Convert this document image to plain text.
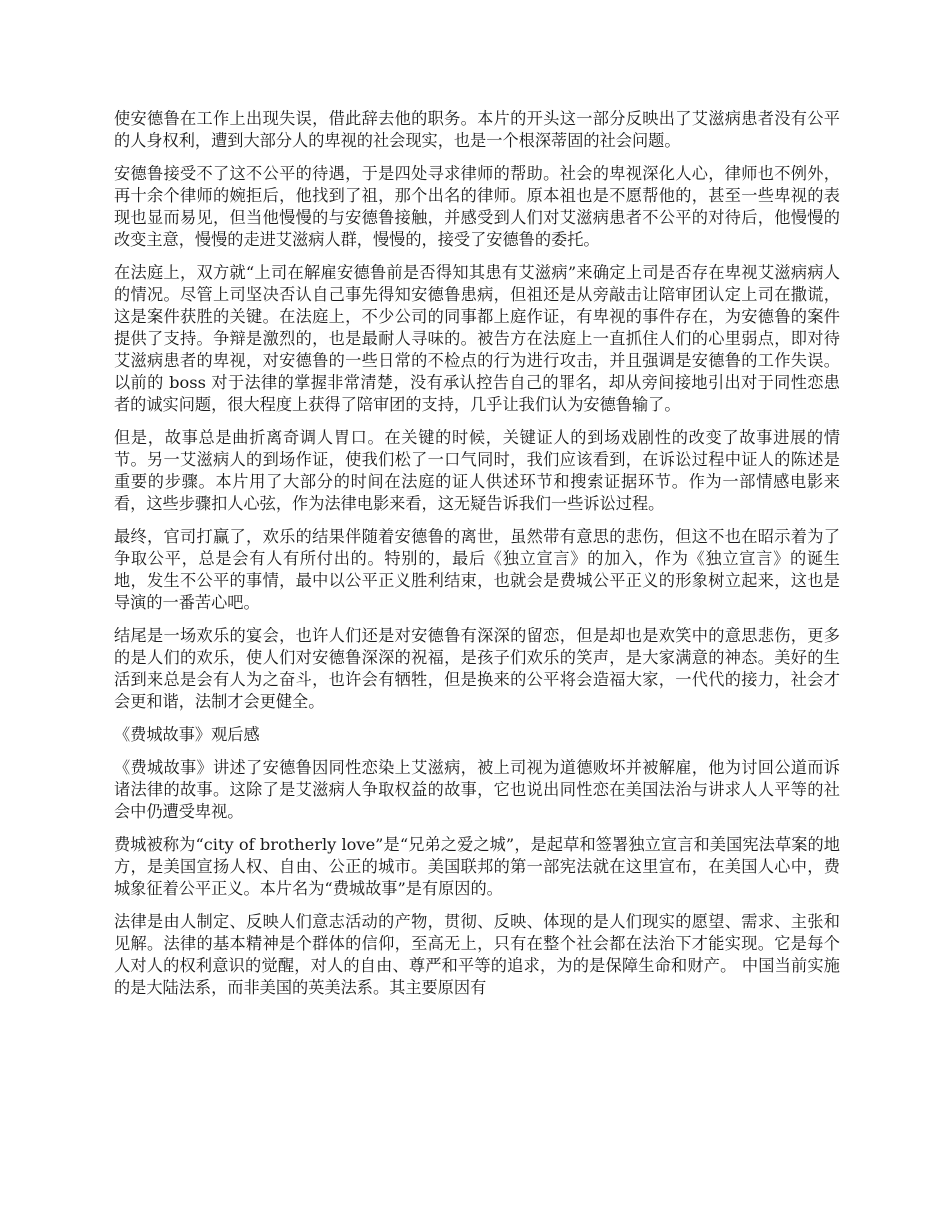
使安德鲁在工作上出现失误，借此辞去他的职务。本片的开头这一部分反映出了艾滋病患者没有公平的人身权利，遭到大部分人的卑视的社会现实，也是一个根深蒂固的社会问题。

安德鲁接受不了这不公平的待遇，于是四处寻求律师的帮助。社会的卑视深化人心，律师也不例外，再十余个律师的婉拒后，他找到了祖，那个出名的律师。原本祖也是不愿帮他的，甚至一些卑视的表现也显而易见，但当他慢慢的与安德鲁接触，并感受到人们对艾滋病患者不公平的对待后，他慢慢的改变主意，慢慢的走进艾滋病人群，慢慢的，接受了安德鲁的委托。

在法庭上，双方就“上司在解雇安德鲁前是否得知其患有艾滋病”来确定上司是否存在卑视艾滋病病人的情况。尽管上司坚决否认自己事先得知安德鲁患病，但祖还是从旁敲击让陪审团认定上司在撒谎，这是案件获胜的关键。在法庭上，不少公司的同事都上庭作证，有卑视的事件存在，为安德鲁的案件提供了支持。争辩是激烈的，也是最耐人寻味的。被告方在法庭上一直抓住人们的心里弱点，即对待艾滋病患者的卑视，对安德鲁的一些日常的不检点的行为进行攻击，并且强调是安德鲁的工作失误。以前的 boss 对于法律的掌握非常清楚，没有承认控告自己的罪名，却从旁间接地引出对于同性恋患者的诚实问题，很大程度上获得了陪审团的支持，几乎让我们认为安德鲁输了。

但是，故事总是曲折离奇调人胃口。在关键的时候，关键证人的到场戏剧性的改变了故事进展的情节。另一艾滋病人的到场作证，使我们松了一口气同时，我们应该看到，在诉讼过程中证人的陈述是重要的步骤。本片用了大部分的时间在法庭的证人供述环节和搜索证据环节。作为一部情感电影来看，这些步骤扣人心弦，作为法律电影来看，这无疑告诉我们一些诉讼过程。

最终，官司打赢了，欢乐的结果伴随着安德鲁的离世，虽然带有意思的悲伤，但这不也在昭示着为了争取公平，总是会有人有所付出的。特别的，最后《独立宣言》的加入，作为《独立宣言》的诞生地，发生不公平的事情，最中以公平正义胜利结束，也就会是费城公平正义的形象树立起来，这也是导演的一番苦心吧。

结尾是一场欢乐的宴会，也许人们还是对安德鲁有深深的留恋，但是却也是欢笑中的意思悲伤，更多的是人们的欢乐，使人们对安德鲁深深的祝福，是孩子们欢乐的笑声，是大家满意的神态。美好的生活到来总是会有人为之奋斗，也许会有牺牲，但是换来的公平将会造福大家，一代代的接力，社会才会更和谐，法制才会更健全。

《费城故事》观后感

《费城故事》讲述了安德鲁因同性恋染上艾滋病，被上司视为道德败坏并被解雇，他为讨回公道而诉诸法律的故事。这除了是艾滋病人争取权益的故事，它也说出同性恋在美国法治与讲求人人平等的社会中仍遭受卑视。

费城被称为“city of brotherly love”是“兄弟之爱之城”，是起草和签署独立宣言和美国宪法草案的地方，是美国宣扬人权、自由、公正的城市。美国联邦的第一部宪法就在这里宣布，在美国人心中，费城象征着公平正义。本片名为“费城故事”是有原因的。

法律是由人制定、反映人们意志活动的产物，贯彻、反映、体现的是人们现实的愿望、需求、主张和见解。法律的基本精神是个群体的信仰，至高无上，只有在整个社会都在法治下才能实现。它是每个人对人的权利意识的觉醒，对人的自由、尊严和平等的追求，为的是保障生命和财产。 中国当前实施的是大陆法系，而非美国的英美法系。其主要原因有
